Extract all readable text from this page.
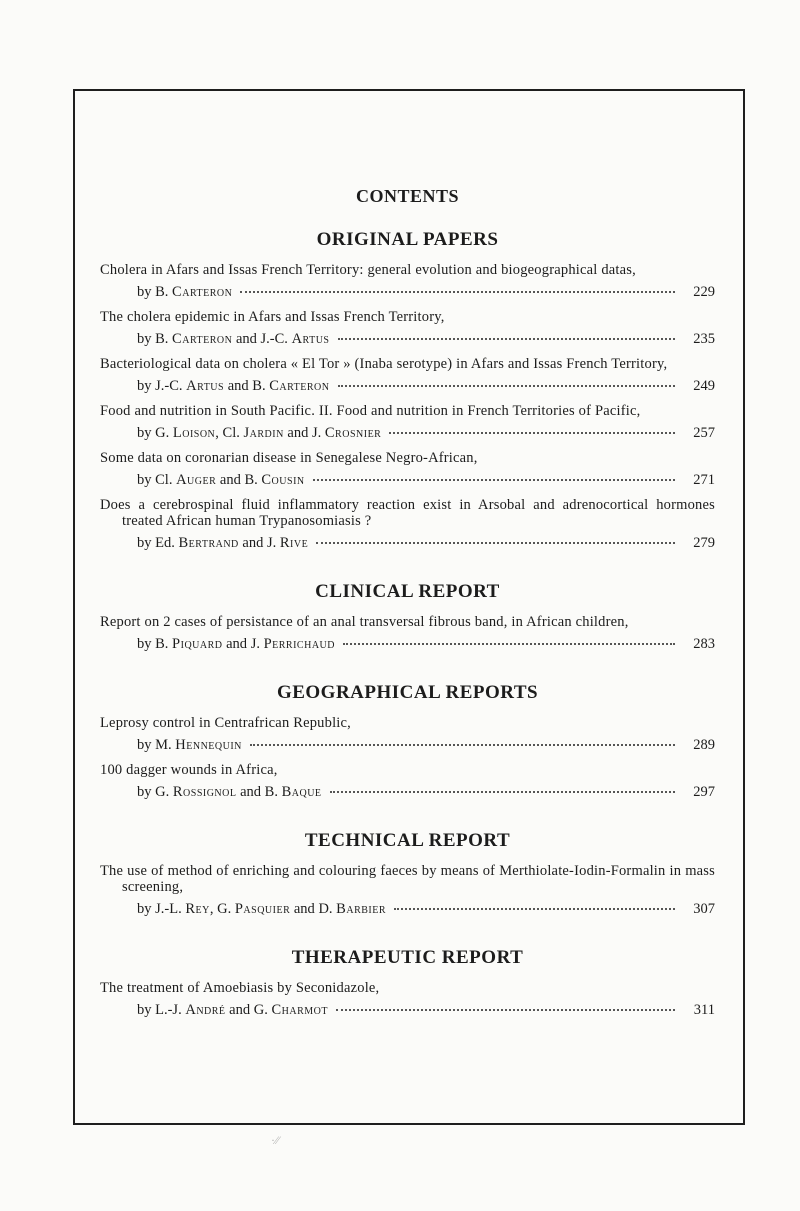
CONTENTS
ORIGINAL PAPERS
Cholera in Afars and Issas French Territory: general evolution and biogeographical datas,
by B. Carteron	229
The cholera epidemic in Afars and Issas French Territory,
by B. Carteron and J.-C. Artus	235
Bacteriological data on cholera « El Tor » (Inaba serotype) in Afars and Issas French Territory,
by J.-C. Artus and B. Carteron	249
Food and nutrition in South Pacific. II. Food and nutrition in French Territories of Pacific,
by G. Loison, Cl. Jardin and J. Crosnier	257
Some data on coronarian disease in Senegalese Negro-African,
by Cl. Auger and B. Cousin	271
Does a cerebrospinal fluid inflammatory reaction exist in Arsobal and adrenocortical hormones treated African human Trypanosomiasis ?
by Ed. Bertrand and J. Rive	279
CLINICAL REPORT
Report on 2 cases of persistance of an anal transversal fibrous band, in African children,
by B. Piquard and J. Perrichaud	283
GEOGRAPHICAL REPORTS
Leprosy control in Centrafrican Republic,
by M. Hennequin	289
100 dagger wounds in Africa,
by G. Rossignol and B. Baque	297
TECHNICAL REPORT
The use of method of enriching and colouring faeces by means of Merthiolate-Iodin-Formalin in mass screening,
by J.-L. Rey, G. Pasquier and D. Barbier	307
THERAPEUTIC REPORT
The treatment of Amoebiasis by Seconidazole,
by L.-J. André and G. Charmot	311
·⁄⁄
